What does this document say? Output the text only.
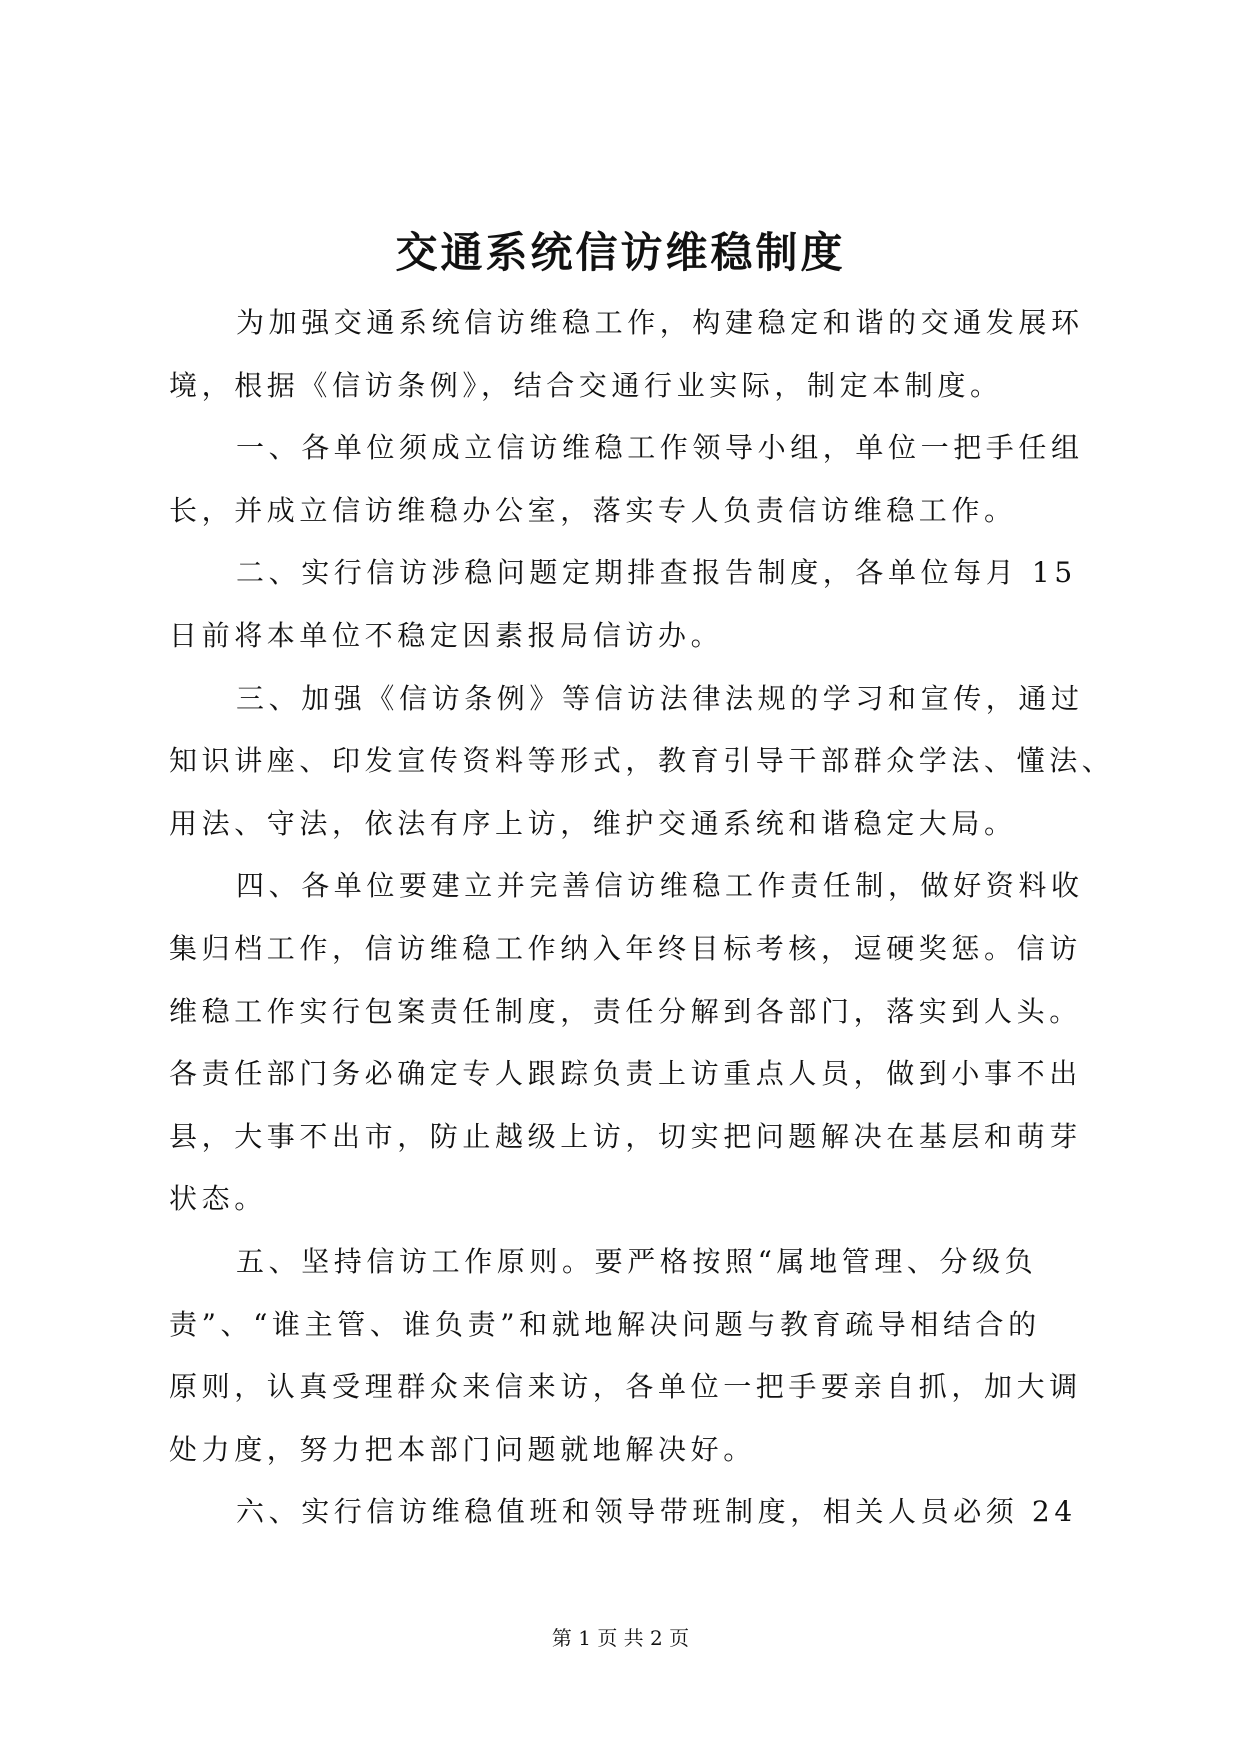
交通系统信访维稳制度
为加强交通系统信访维稳工作，构建稳定和谐的交通发展环
境，根据《信访条例》，结合交通行业实际，制定本制度。
一、各单位须成立信访维稳工作领导小组，单位一把手任组
长，并成立信访维稳办公室，落实专人负责信访维稳工作。
二、实行信访涉稳问题定期排查报告制度，各单位每月 15
日前将本单位不稳定因素报局信访办。
三、加强《信访条例》等信访法律法规的学习和宣传，通过
知识讲座、印发宣传资料等形式，教育引导干部群众学法、懂法、
用法、守法，依法有序上访，维护交通系统和谐稳定大局。
四、各单位要建立并完善信访维稳工作责任制，做好资料收
集归档工作，信访维稳工作纳入年终目标考核，逗硬奖惩。信访
维稳工作实行包案责任制度，责任分解到各部门，落实到人头。
各责任部门务必确定专人跟踪负责上访重点人员，做到小事不出
县，大事不出市，防止越级上访，切实把问题解决在基层和萌芽
状态。
五、坚持信访工作原则。要严格按照“属地管理、分级负
责”、“谁主管、谁负责”和就地解决问题与教育疏导相结合的
原则，认真受理群众来信来访，各单位一把手要亲自抓，加大调
处力度，努力把本部门问题就地解决好。
六、实行信访维稳值班和领导带班制度，相关人员必须 24
第 1 页 共 2 页
